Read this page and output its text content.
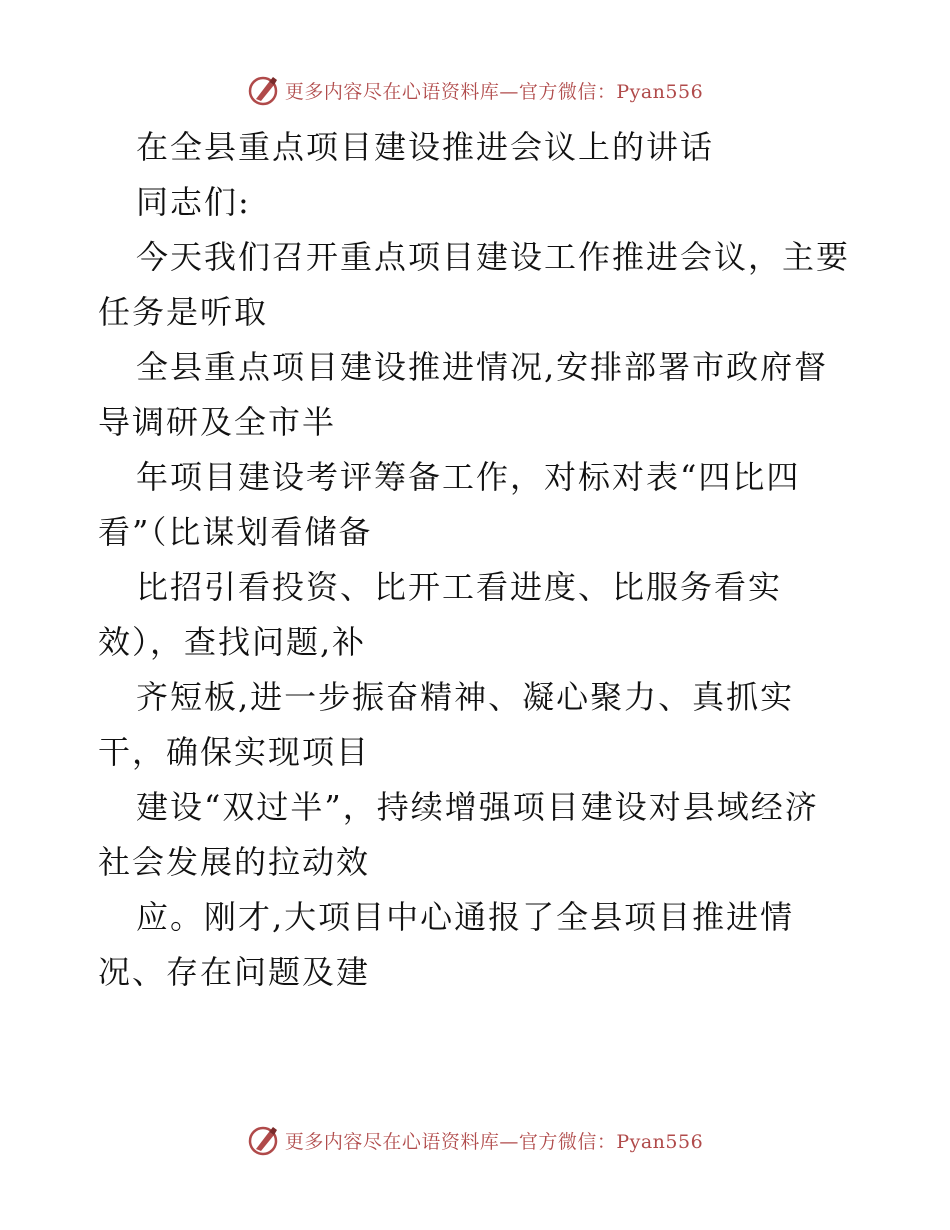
更多内容尽在心语资料库—官方微信：Pyan556
在全县重点项目建设推进会议上的讲话
同志们:
今天我们召开重点项目建设工作推进会议，主要
任务是听取
全县重点项目建设推进情况,安排部署市政府督
导调研及全市半
年项目建设考评筹备工作，对标对表“四比四
看”（比谋划看储备
比招引看投资、比开工看进度、比服务看实
效），查找问题,补
齐短板,进一步振奋精神、凝心聚力、真抓实
干，确保实现项目
建设“双过半”，持续增强项目建设对县域经济
社会发展的拉动效
应。刚才,大项目中心通报了全县项目推进情
况、存在问题及建
更多内容尽在心语资料库—官方微信：Pyan556
